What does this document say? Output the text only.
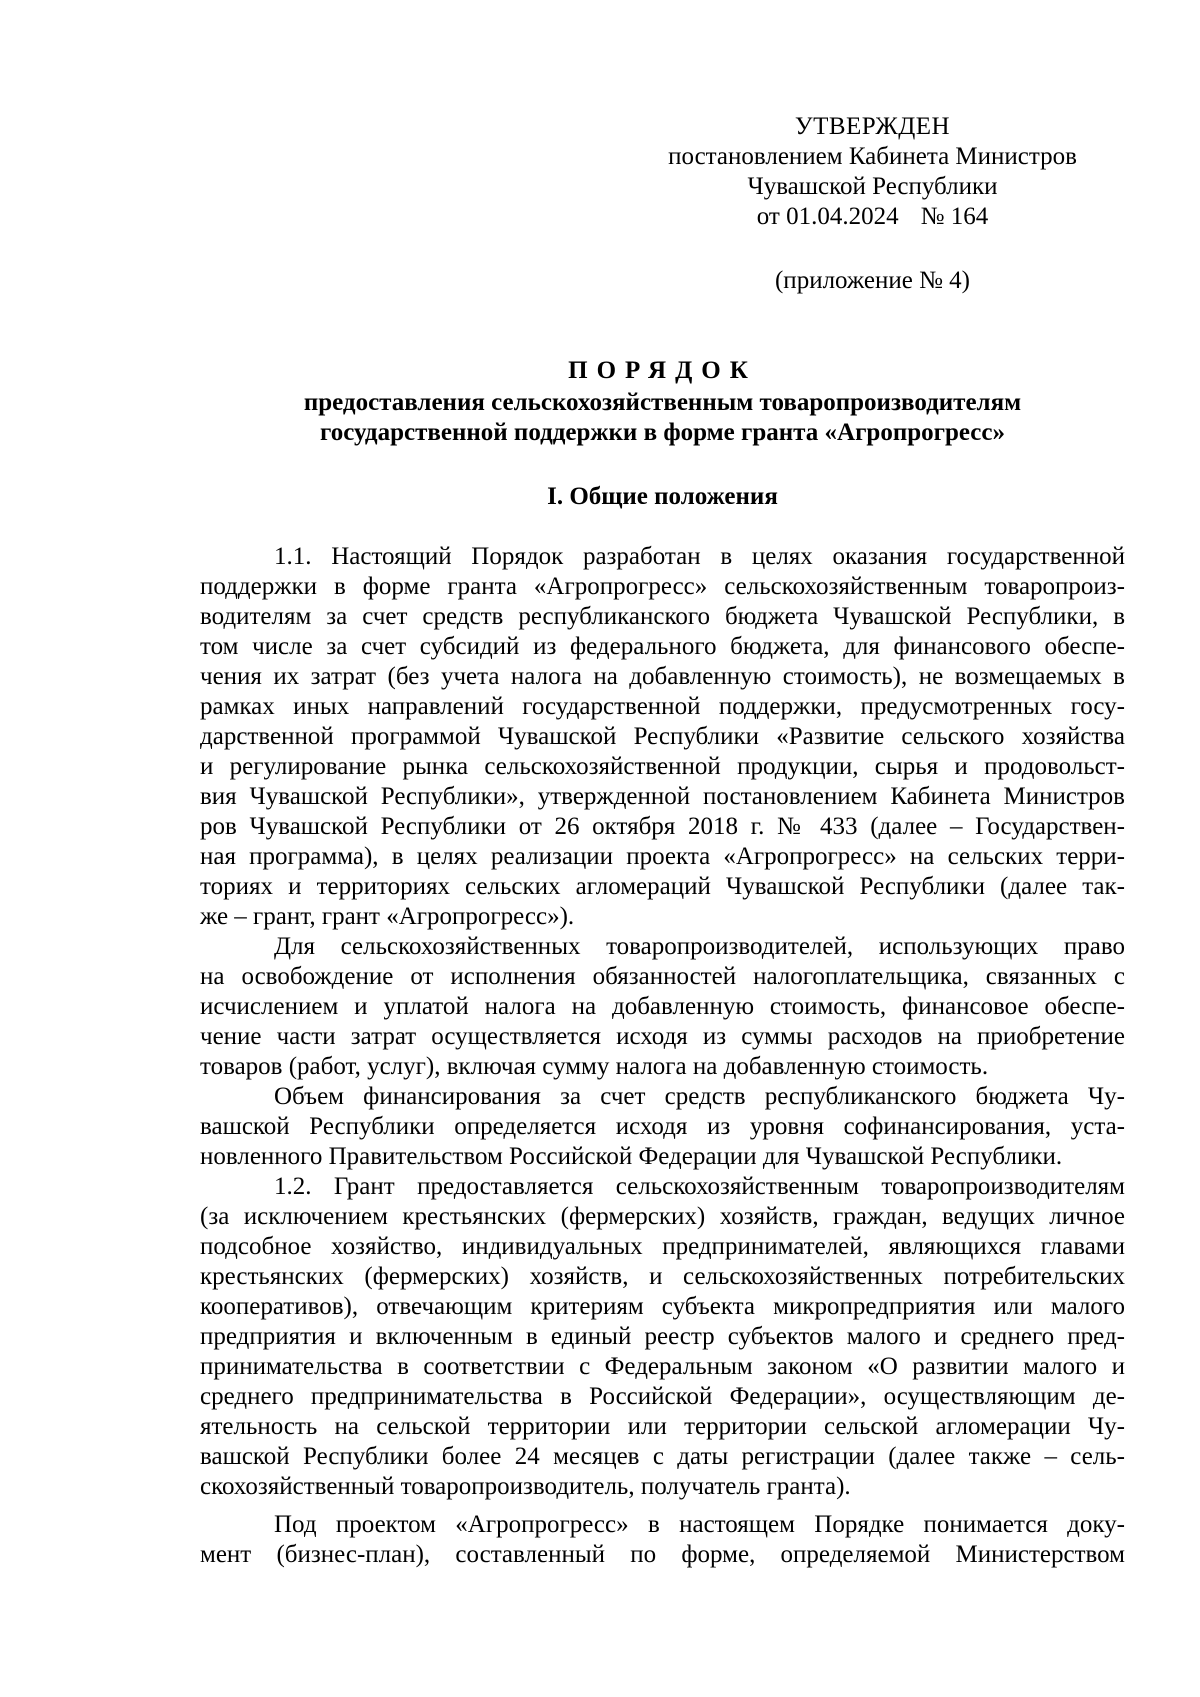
УТВЕРЖДЕН
постановлением Кабинета Министров
Чувашской Республики
от 01.04.2024 № 164
(приложение № 4)
ПОРЯДОК
предоставления сельскохозяйственным товаропроизводителям
государственной поддержки в форме гранта «Агропрогресс»
I. Общие положения
1.1. Настоящий Порядок разработан в целях оказания государственной
поддержки в форме гранта «Агропрогресс» сельскохозяйственным товаропроиз-
водителям за счет средств республиканского бюджета Чувашской Республики, в
том числе за счет субсидий из федерального бюджета, для финансового обеспе-
чения их затрат (без учета налога на добавленную стоимость), не возмещаемых в
рамках иных направлений государственной поддержки, предусмотренных госу-
дарственной программой Чувашской Республики «Развитие сельского хозяйства
и регулирование рынка сельскохозяйственной продукции, сырья и продовольст-
вия Чувашской Республики», утвержденной постановлением Кабинета Министров
ров Чувашской Республики от 26 октября 2018 г. № 433 (далее – Государствен-
ная программа), в целях реализации проекта «Агропрогресс» на сельских терри-
ториях и территориях сельских агломераций Чувашской Республики (далее так-
же – грант, грант «Агропрогресс»).
Для сельскохозяйственных товаропроизводителей, использующих право
на освобождение от исполнения обязанностей налогоплательщика, связанных с
исчислением и уплатой налога на добавленную стоимость, финансовое обеспе-
чение части затрат осуществляется исходя из суммы расходов на приобретение
товаров (работ, услуг), включая сумму налога на добавленную стоимость.
Объем финансирования за счет средств республиканского бюджета Чу-
вашской Республики определяется исходя из уровня софинансирования, уста-
новленного Правительством Российской Федерации для Чувашской Республики.
1.2. Грант предоставляется сельскохозяйственным товаропроизводителям
(за исключением крестьянских (фермерских) хозяйств, граждан, ведущих личное
подсобное хозяйство, индивидуальных предпринимателей, являющихся главами
крестьянских (фермерских) хозяйств, и сельскохозяйственных потребительских
кооперативов), отвечающим критериям субъекта микропредприятия или малого
предприятия и включенным в единый реестр субъектов малого и среднего пред-
принимательства в соответствии с Федеральным законом «О развитии малого и
среднего предпринимательства в Российской Федерации», осуществляющим де-
ятельность на сельской территории или территории сельской агломерации Чу-
вашской Республики более 24 месяцев с даты регистрации (далее также – сель-
скохозяйственный товаропроизводитель, получатель гранта).
Под проектом «Агропрогресс» в настоящем Порядке понимается доку-
мент (бизнес-план), составленный по форме, определяемой Министерством
